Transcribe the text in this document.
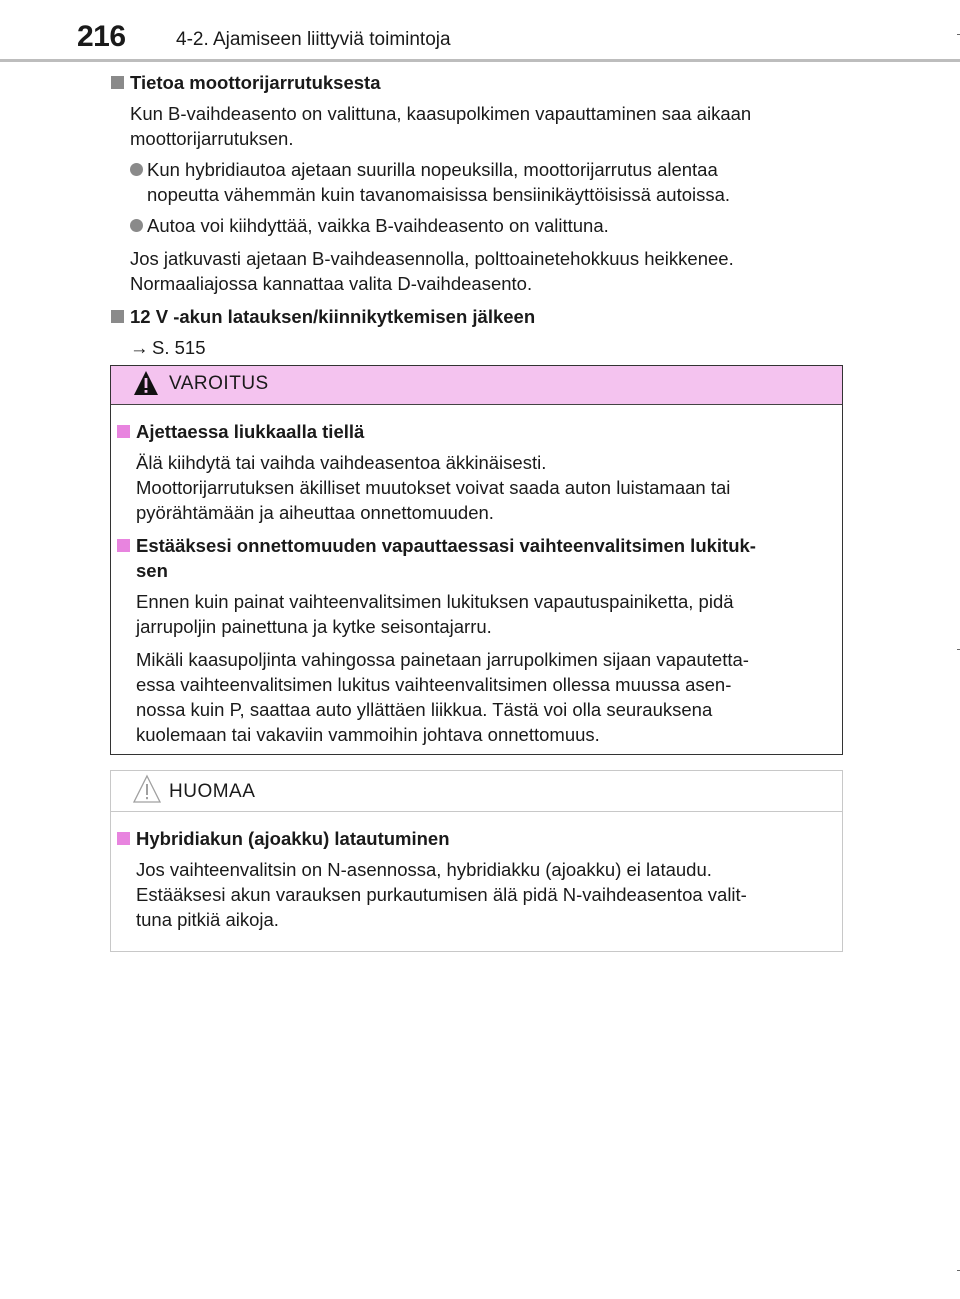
216	4-2. Ajamiseen liittyviä toimintoja
Tietoa moottorijarrutuksesta
Kun B-vaihdeasento on valittuna, kaasupolkimen vapauttaminen saa aikaan
moottorijarrutuksen.
Kun hybridiautoa ajetaan suurilla nopeuksilla, moottorijarrutus alentaa
nopeutta vähemmän kuin tavanomaisissa bensiinikäyttöisissä autoissa.
Autoa voi kiihdyttää, vaikka B-vaihdeasento on valittuna.
Jos jatkuvasti ajetaan B-vaihdeasennolla, polttoainetehokkuus heikkenee.
Normaaliajossa kannattaa valita D-vaihdeasento.
12 V -akun latauksen/kiinnikytkemisen jälkeen
→ S. 515
VAROITUS
Ajettaessa liukkaalla tiellä
Älä kiihdytä tai vaihda vaihdeasentoa äkkinäisesti.
Moottorijarrutuksen äkilliset muutokset voivat saada auton luistamaan tai
pyörähtämään ja aiheuttaa onnettomuuden.
Estääksesi onnettomuuden vapauttaessasi vaihteenvalitsimen lukituk-
sen
Ennen kuin painat vaihteenvalitsimen lukituksen vapautuspainiketta, pidä
jarrupoljin painettuna ja kytke seisontajarru.
Mikäli kaasupoljinta vahingossa painetaan jarrupolkimen sijaan vapautetta-
essa vaihteenvalitsimen lukitus vaihteenvalitsimen ollessa muussa asen-
nossa kuin P, saattaa auto yllättäen liikkua. Tästä voi olla seurauksena
kuolemaan tai vakaviin vammoihin johtava onnettomuus.
HUOMAA
Hybridiakun (ajoakku) latautuminen
Jos vaihteenvalitsin on N-asennossa, hybridiakku (ajoakku) ei lataudu.
Estääksesi akun varauksen purkautumisen älä pidä N-vaihdeasentoa valit-
tuna pitkiä aikoja.
